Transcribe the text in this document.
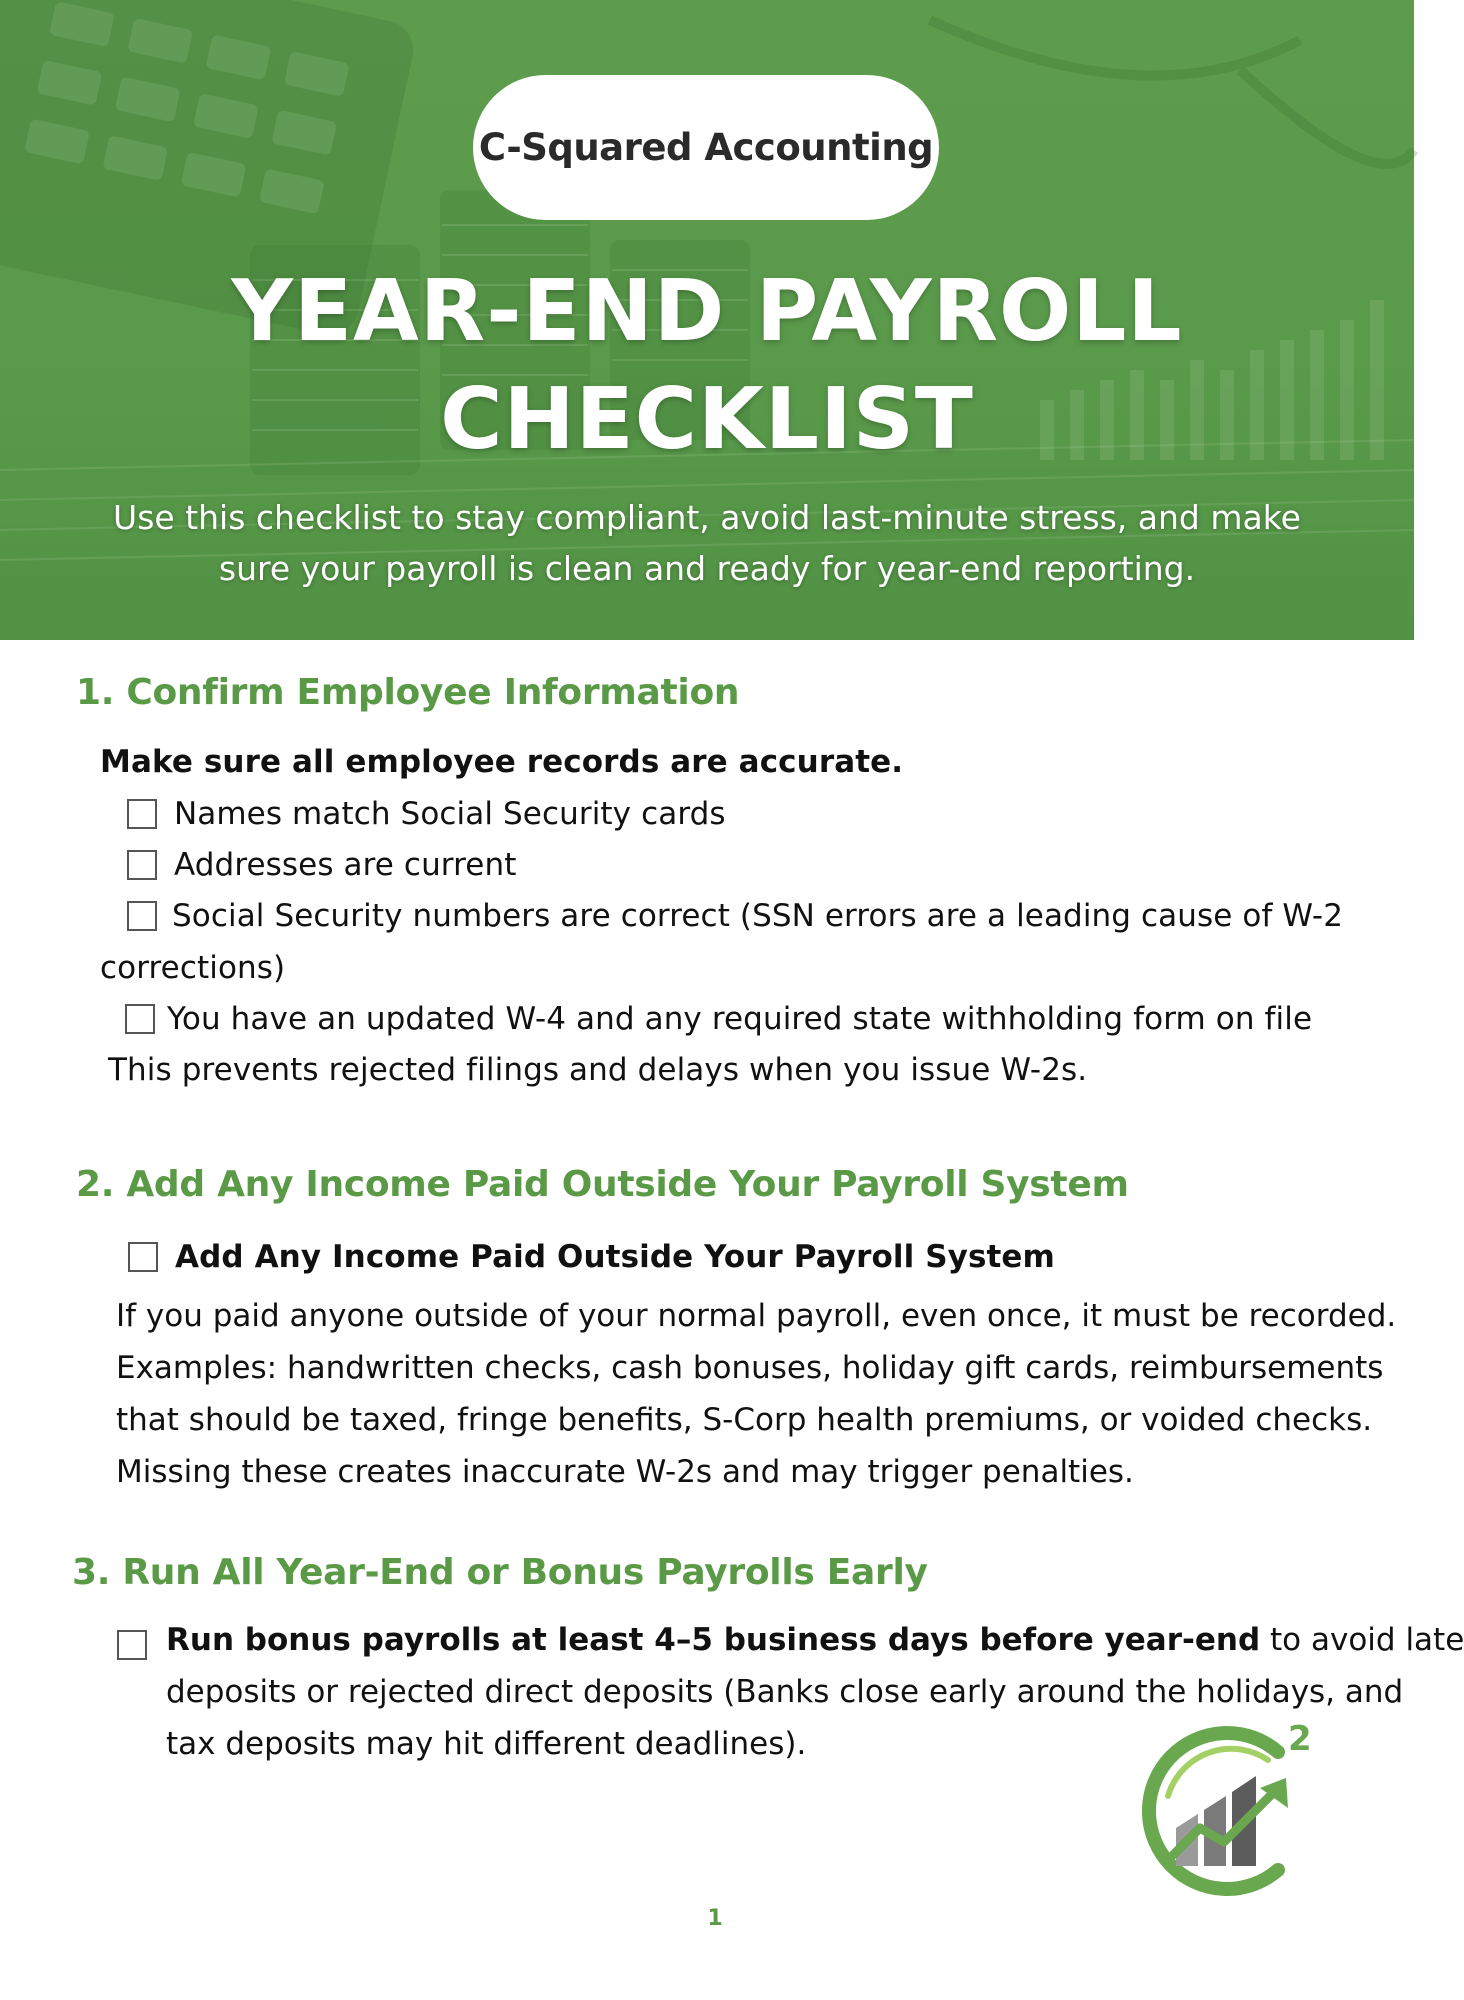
C-Squared Accounting
YEAR-END PAYROLL
CHECKLIST
Use this checklist to stay compliant, avoid last-minute stress, and make
sure your payroll is clean and ready for year-end reporting.
1. Confirm Employee Information
Make sure all employee records are accurate.
Names match Social Security cards
Addresses are current
Social Security numbers are correct (SSN errors are a leading cause of W-2
corrections)
You have an updated W-4 and any required state withholding form on file
This prevents rejected filings and delays when you issue W-2s.
2. Add Any Income Paid Outside Your Payroll System
Add Any Income Paid Outside Your Payroll System
If you paid anyone outside of your normal payroll, even once, it must be recorded.
Examples: handwritten checks, cash bonuses, holiday gift cards, reimbursements
that should be taxed, fringe benefits, S-Corp health premiums, or voided checks.
Missing these creates inaccurate W-2s and may trigger penalties.
3. Run All Year-End or Bonus Payrolls Early
Run bonus payrolls at least 4–5 business days before year-end to avoid late
deposits or rejected direct deposits (Banks close early around the holidays, and
tax deposits may hit different deadlines).	2
1
